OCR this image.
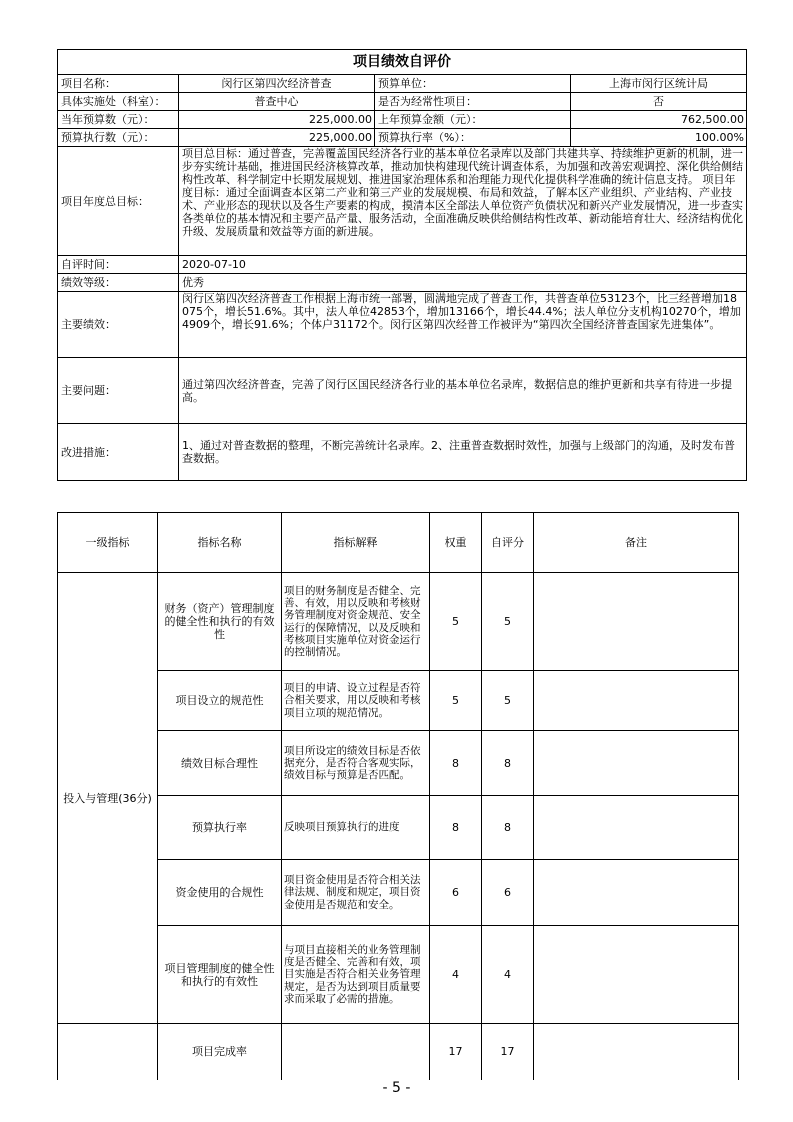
项目绩效自评价			
项目名称：	闵行区第四次经济普查	预算单位：	上海市闵行区统计局
具体实施处（科室）：	普查中心	是否为经常性项目：	否
当年预算数（元）：	225,000.00	上年预算金额（元）：	762,500.00
预算执行数（元）：	225,000.00	预算执行率（%）：	100.00%
项目年度总目标：	项目总目标：通过普查，完善覆盖国民经济各行业的基本单位名录库以及部门共建共享、持续维护更新的机制，进一步夯实统计基础，推进国民经济核算改革，推动加快构建现代统计调查体系，为加强和改善宏观调控、深化供给侧结构性改革、科学制定中长期发展规划、推进国家治理体系和治理能力现代化提供科学准确的统计信息支持。 项目年度目标：通过全面调查本区第二产业和第三产业的发展规模、布局和效益，了解本区产业组织、产业结构、产业技术、产业形态的现状以及各生产要素的构成，摸清本区全部法人单位资产负债状况和新兴产业发展情况，进一步查实各类单位的基本情况和主要产品产量、服务活动，全面准确反映供给侧结构性改革、新动能培育壮大、经济结构优化升级、发展质量和效益等方面的新进展。		
自评时间：	2020-07-10		
绩效等级：	优秀		
主要绩效：	闵行区第四次经济普查工作根据上海市统一部署，圆满地完成了普查工作，共普查单位53123个，比三经普增加18075个，增长51.6%。其中，法人单位42853个，增加13166个，增长44.4%；法人单位分支机构10270个，增加4909个，增长91.6%；个体户31172个。闵行区第四次经普工作被评为“第四次全国经济普查国家先进集体”。		
主要问题：	通过第四次经济普查，完善了闵行区国民经济各行业的基本单位名录库，数据信息的维护更新和共享有待进一步提高。		
改进措施：	1、通过对普查数据的整理，不断完善统计名录库。2、注重普查数据时效性，加强与上级部门的沟通，及时发布普查数据。		
一级指标	指标名称	指标解释	权重	自评分	备注
投入与管理(36分)	财务（资产）管理制度的健全性和执行的有效性	项目的财务制度是否健全、完善、有效，用以反映和考核财务管理制度对资金规范、安全运行的保障情况，以及反映和考核项目实施单位对资金运行的控制情况。	5	5	
	项目设立的规范性	项目的申请、设立过程是否符合相关要求，用以反映和考核项目立项的规范情况。	5	5	
	绩效目标合理性	项目所设定的绩效目标是否依据充分，是否符合客观实际，绩效目标与预算是否匹配。	8	8	
	预算执行率	反映项目预算执行的进度	8	8	
	资金使用的合规性	项目资金使用是否符合相关法律法规、制度和规定，项目资金使用是否规范和安全。	6	6	
	项目管理制度的健全性和执行的有效性	与项目直接相关的业务管理制度是否健全、完善和有效，项目实施是否符合相关业务管理规定，是否为达到项目质量要求而采取了必需的措施。	4	4	
	项目完成率		17	17	
- 5 -
